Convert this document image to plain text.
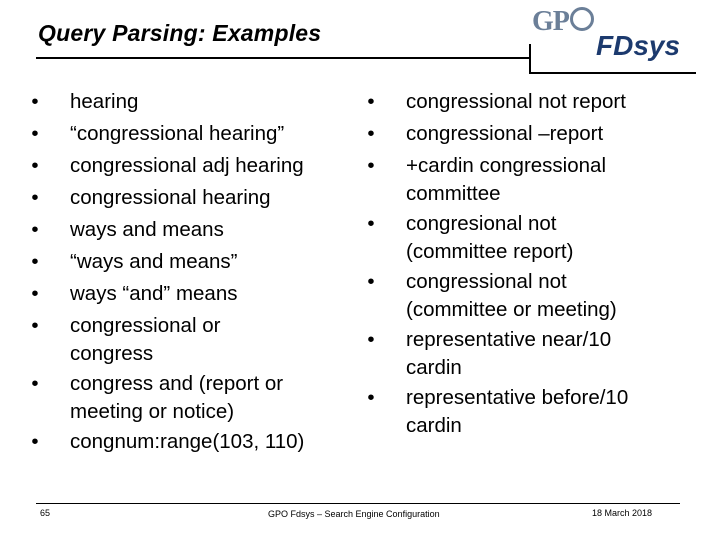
Query Parsing: Examples	GP
FDsys
• hearing
• “congressional hearing”
• congressional adj hearing
• congressional hearing
• ways and means
• “ways and means”
• ways “and” means
• congressional or
congress
• congress and (report or
meeting or notice)
• congnum:range(103, 110)
• congressional not report
• congressional –report
• +cardin congressional
committee
• congresional not
(committee report)
• congressional not
(committee or meeting)
• representative near/10
cardin
• representative before/10
cardin
65	GPO Fdsys – Search Engine Configuration	18 March 2018
